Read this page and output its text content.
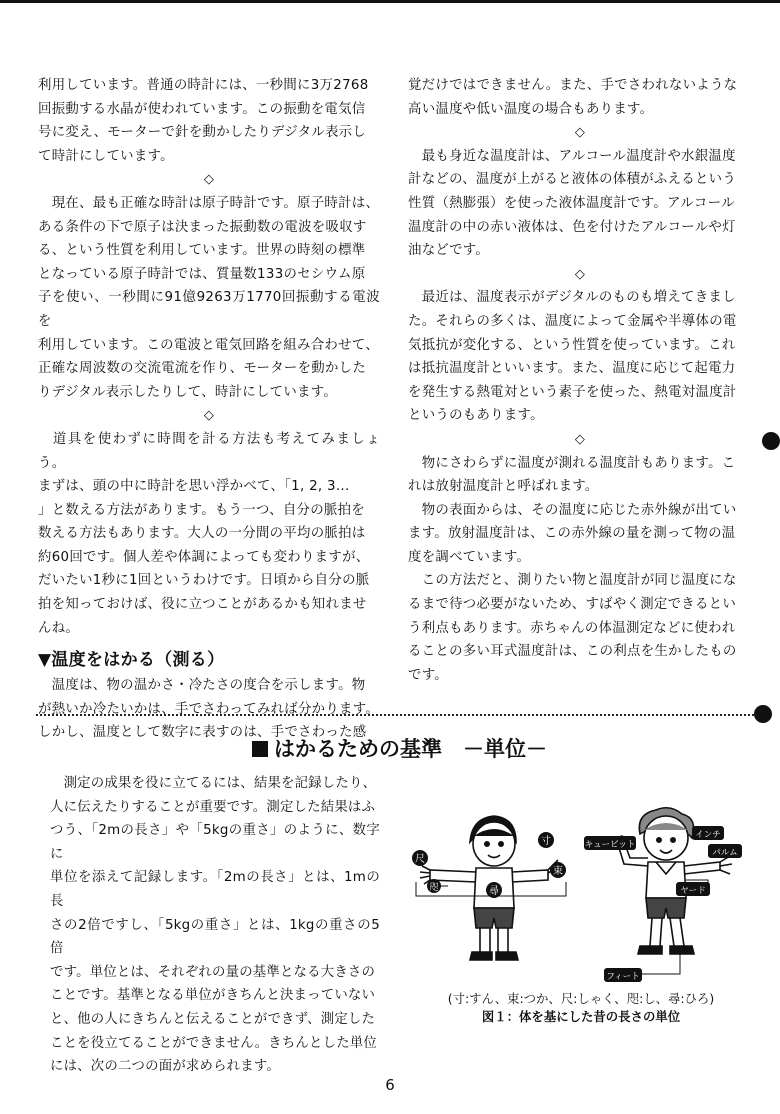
利用しています。普通の時計には、一秒間に3万2768
回振動する水晶が使われています。この振動を電気信
号に変え、モーターで針を動かしたりデジタル表示し
て時計にしています。

◇

　現在、最も正確な時計は原子時計です。原子時計は、
ある条件の下で原子は決まった振動数の電波を吸収す
る、という性質を利用しています。世界の時刻の標準
となっている原子時計では、質量数133のセシウム原
子を使い、一秒間に91億9263万1770回振動する電波を
利用しています。この電波と電気回路を組み合わせて、
正確な周波数の交流電流を作り、モーターを動かした
りデジタル表示したりして、時計にしています。

◇

　道具を使わずに時間を計る方法も考えてみましょう。
まずは、頭の中に時計を思い浮かべて、「1, 2, 3...
」と数える方法があります。もう一つ、自分の脈拍を
数える方法もあります。大人の一分間の平均の脈拍は
約60回です。個人差や体調によっても変わりますが、
だいたい1秒に1回というわけです。日頃から自分の脈
拍を知っておけば、役に立つことがあるかも知れませ
んね。

▼温度をはかる（測る）

　温度は、物の温かさ・冷たさの度合を示します。物
が熱いか冷たいかは、手でさわってみれば分かります。
しかし、温度として数字に表すのは、手でさわった感

覚だけではできません。また、手でさわれないような
高い温度や低い温度の場合もあります。

◇

　最も身近な温度計は、アルコール温度計や水銀温度
計などの、温度が上がると液体の体積がふえるという
性質（熱膨張）を使った液体温度計です。アルコール
温度計の中の赤い液体は、色を付けたアルコールや灯
油などです。

◇

　最近は、温度表示がデジタルのものも増えてきまし
た。それらの多くは、温度によって金属や半導体の電
気抵抗が変化する、という性質を使っています。これ
は抵抗温度計といいます。また、温度に応じて起電力
を発生する熱電対という素子を使った、熱電対温度計
というのもあります。

◇

　物にさわらずに温度が測れる温度計もあります。こ
れは放射温度計と呼ばれます。
　物の表面からは、その温度に応じた赤外線が出てい
ます。放射温度計は、この赤外線の量を測って物の温
度を調べています。
　この方法だと、測りたい物と温度計が同じ温度にな
るまで待つ必要がないため、すばやく測定できるとい
う利点もあります。赤ちゃんの体温測定などに使われ
ることの多い耳式温度計は、この利点を生かしたもの
です。

はかるための基準　－単位－

　測定の成果を役に立てるには、結果を記録したり、
人に伝えたりすることが重要です。測定した結果はふ
つう、「2mの長さ」や「5kgの重さ」のように、数字に
単位を添えて記録します。「2mの長さ」とは、1mの長
さの2倍ですし、「5kgの重さ」とは、1kgの重さの5倍
です。単位とは、それぞれの量の基準となる大きさの
ことです。基準となる単位がきちんと決まっていない
と、他の人にきちんと伝えることができず、測定した
ことを役立てることができません。きちんとした単位
には、次の二つの面が求められます。

尺
咫	尋
寸
束
キュービット
インチ
パルム
ヤード
フィート
(寸:すん、束:つか、尺:しゃく、咫:し、尋:ひろ)
図１：体を基にした昔の長さの単位
6
